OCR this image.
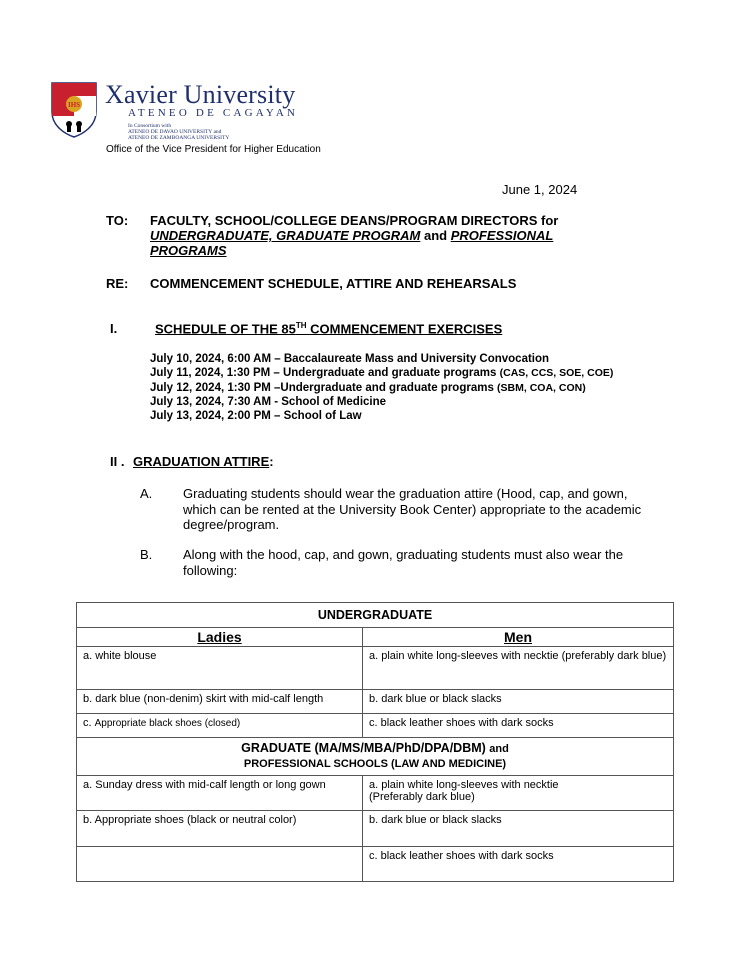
IHS Xavier University
ATENEO DE CAGAYAN
In Consortium with
ATENEO DE DAVAO UNIVERSITY and
ATENEO DE ZAMBOANGA UNIVERSITY
Office of the Vice President for Higher Education
June 1, 2024
TO: FACULTY, SCHOOL/COLLEGE DEANS/PROGRAM DIRECTORS for
UNDERGRADUATE, GRADUATE PROGRAM and PROFESSIONAL
PROGRAMS
RE: COMMENCEMENT SCHEDULE, ATTIRE AND REHEARSALS
I.	SCHEDULE OF THE 85TH COMMENCEMENT EXERCISES
July 10, 2024, 6:00 AM – Baccalaureate Mass and University Convocation
July 11, 2024, 1:30 PM – Undergraduate and graduate programs (CAS, CCS, SOE, COE)
July 12, 2024, 1:30 PM –Undergraduate and graduate programs (SBM, COA, CON)
July 13, 2024, 7:30 AM - School of Medicine
July 13, 2024, 2:00 PM – School of Law
II . GRADUATION ATTIRE:
A. Graduating students should wear the graduation attire (Hood, cap, and gown, which can be rented at the University Book Center) appropriate to the academic degree/program.
B. Along with the hood, cap, and gown, graduating students must also wear the following:
UNDERGRADUATE	
Ladies	Men
a. white blouse	a. plain white long-sleeves with necktie (preferably dark blue)
b. dark blue (non-denim) skirt with mid-calf length	b. dark blue or black slacks
c. Appropriate black shoes (closed)	c. black leather shoes with dark socks

GRADUATE (MA/MS/MBA/PhD/DPA/DBM) and
PROFESSIONAL SCHOOLS (LAW AND MEDICINE)	

a. Sunday dress with mid-calf length or long gown	a. plain white long-sleeves with necktie
(Preferably dark blue)

b. Appropriate shoes (black or neutral color)	b. dark blue or black slacks
	c. black leather shoes with dark socks
